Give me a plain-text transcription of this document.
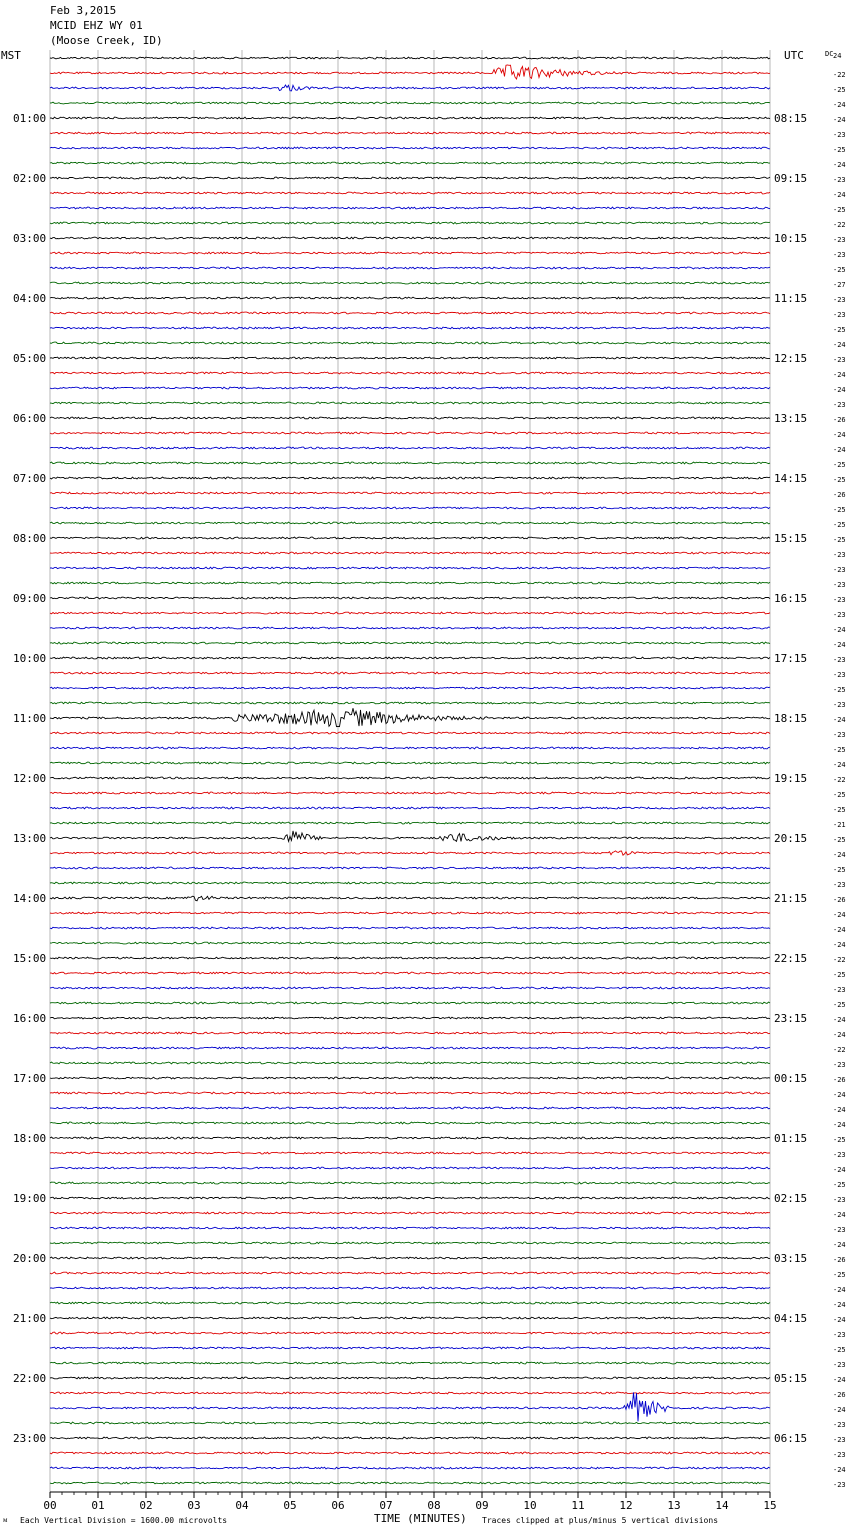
Feb 3,2015
MCID EHZ WY 01
(Moose Creek, ID)
MST	UTC	DC
00	01	02	03	04	05	06	07	08	09	10	11	12	13	14	15
24
-22
-25
-24
-24
-23
-25
-24
-23
-24
-25
-22
-23
-23
-25
-27
-23
-23
-25
-24
-23
-24
-24
-23
-26
-24
-24
-25
-25
-26
-25
-25
-25
-23
-23
-23
-23
-23
-24
-24
-23
-23
-25
-23
-24
-23
-25
-24
-22
-25
-25
-21
-25
-24
-25
-23
-26
-24
-24
-24
-22
-25
-23
-25
-24
-24
-22
-23
-26
-24
-24
-24
-25
-23
-24
-25
-23
-24
-23
-24
-26
-25
-24
-24
-24
-23
-25
-23
-24
-26
-24
-23
-23
-23
-24
-23
01:00	08:15
02:00	09:15
03:00	10:15
04:00	11:15
05:00	12:15
06:00	13:15
07:00	14:15
08:00	15:15
09:00	16:15
10:00	17:15
11:00	18:15
12:00	19:15
13:00	20:15
14:00	21:15
15:00	22:15
16:00	23:15
17:00	00:15
18:00	01:15
19:00	02:15
20:00	03:15
21:00	04:15
22:00	05:15
23:00	06:15
ᴍ Each Vertical Division = 1600.00 microvolts	TIME (MINUTES) Traces clipped at plus/minus 5 vertical divisions
